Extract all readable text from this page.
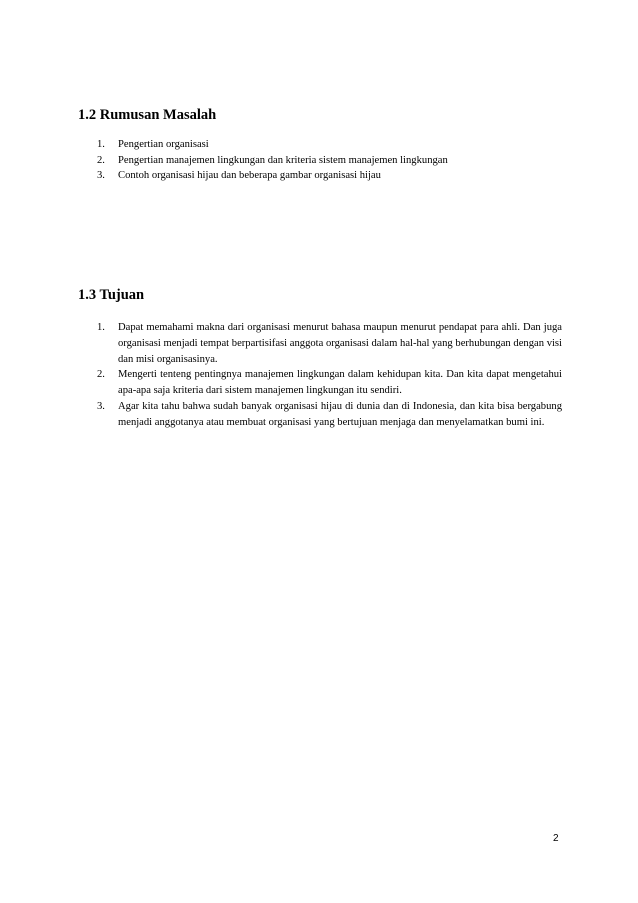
1.2 Rumusan Masalah
1. Pengertian organisasi
2. Pengertian manajemen lingkungan dan kriteria sistem manajemen lingkungan
3. Contoh organisasi hijau dan beberapa gambar organisasi hijau
1.3 Tujuan
1. Dapat memahami makna dari organisasi menurut bahasa maupun menurut pendapat para ahli. Dan juga organisasi menjadi tempat berpartisifasi anggota organisasi dalam hal-hal yang berhubungan dengan visi dan misi organisasinya.
2. Mengerti tenteng pentingnya manajemen lingkungan dalam kehidupan kita. Dan kita dapat mengetahui apa-apa saja kriteria dari sistem manajemen lingkungan itu sendiri.
3. Agar kita tahu bahwa sudah banyak organisasi hijau di dunia dan di Indonesia, dan kita bisa bergabung menjadi anggotanya atau membuat organisasi yang bertujuan menjaga dan menyelamatkan bumi ini.
2
